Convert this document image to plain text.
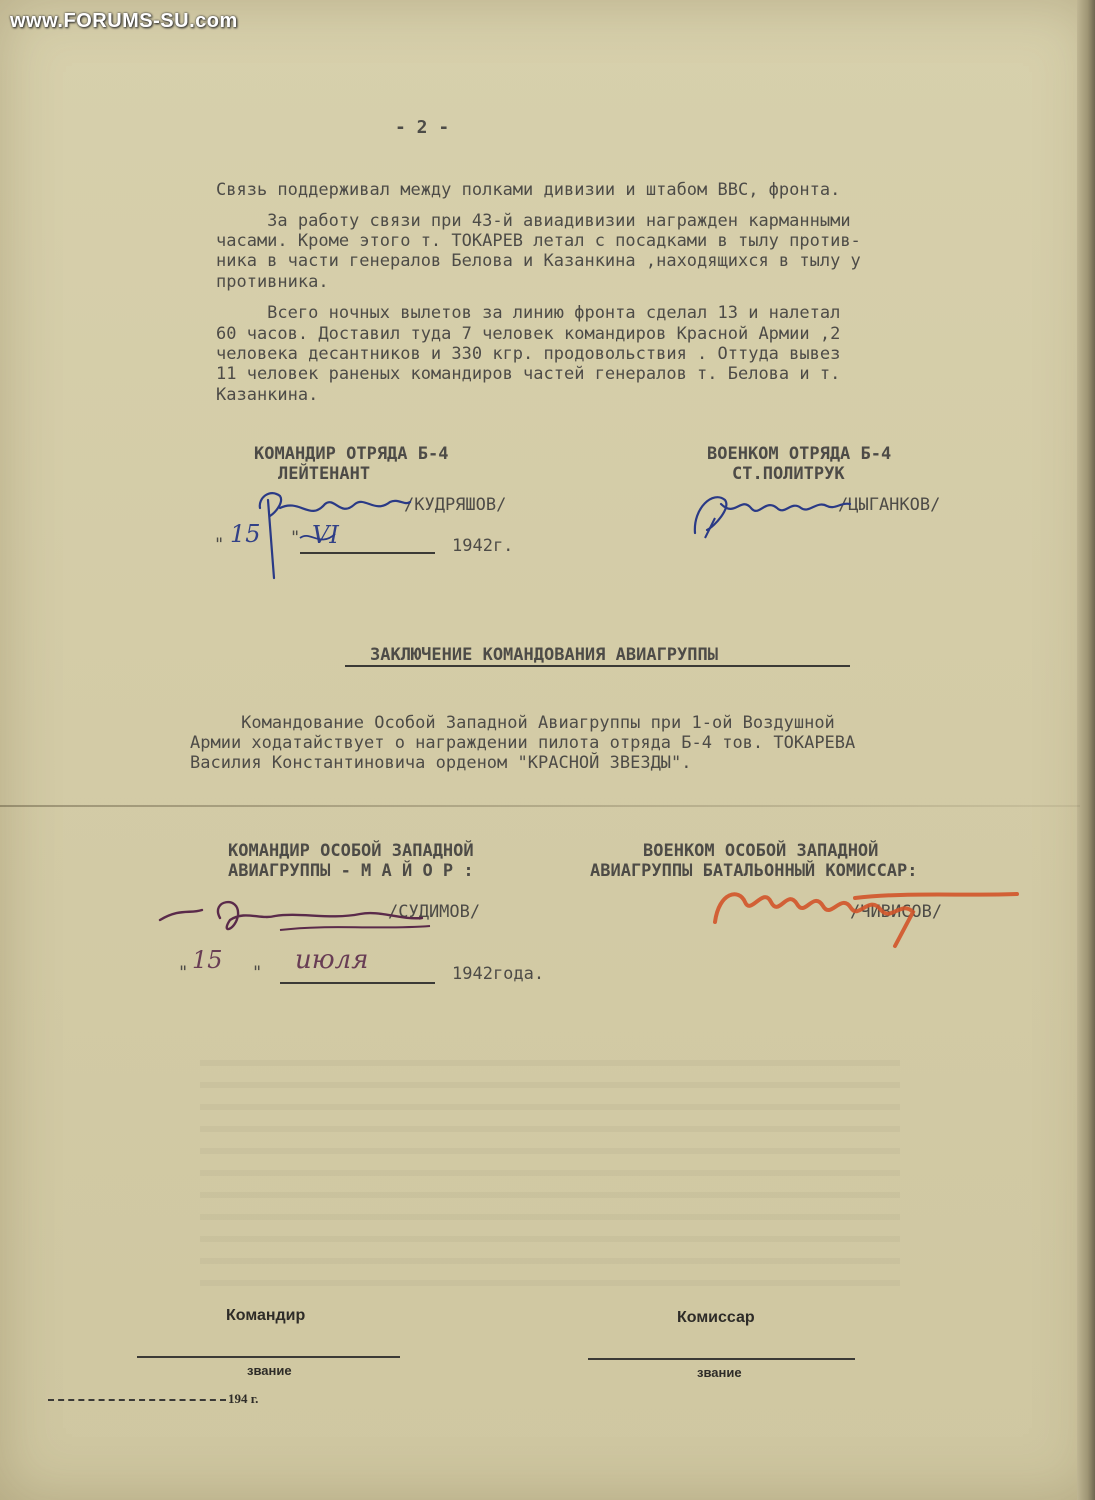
www.FORUMS-SU.com
- 2 -
Связь поддерживал между полками дивизии и штабом ВВС, фронта.
За работу связи при 43-й авиадивизии награжден карманными
часами. Кроме этого т. ТОКАРЕВ летал с посадками в тылу против-
ника в части генералов Белова и Казанкина ,находящихся в тылу у
противника.
Всего ночных вылетов за линию фронта сделал 13 и налетал
60 часов. Доставил туда 7 человек командиров Красной Армии ,2
человека десантников и 330 кгр. продовольствия . Оттуда вывез
11 человек раненых командиров частей генералов т. Белова и т.
Казанкина.
КОМАНДИР ОТРЯДА Б-4
ЛЕЙТЕНАНТ
ВОЕНКОМ ОТРЯДА Б-4
СТ.ПОЛИТРУК
/КУДРЯШОВ/	/ЦЫГАНКОВ/
" 15 " VI	1942г.
ЗАКЛЮЧЕНИЕ КОМАНДОВАНИЯ АВИАГРУППЫ
Командование Особой Западной Авиагруппы при 1-ой Воздушной
Армии ходатайствует о награждении пилота отряда Б-4 тов. ТОКАРЕВА
Василия Константиновича орденом "КРАСНОЙ ЗВЕЗДЫ".
КОМАНДИР ОСОБОЙ ЗАПАДНОЙ
АВИАГРУППЫ - М А Й О Р :
ВОЕНКОМ ОСОБОЙ ЗАПАДНОЙ
АВИАГРУППЫ БАТАЛЬОННЫЙ КОМИССАР:
/СУДИМОВ/	/ЧИВИСОВ/
" 15 " июля	1942года.
Командир
звание
Комиссар
звание
194 г.
